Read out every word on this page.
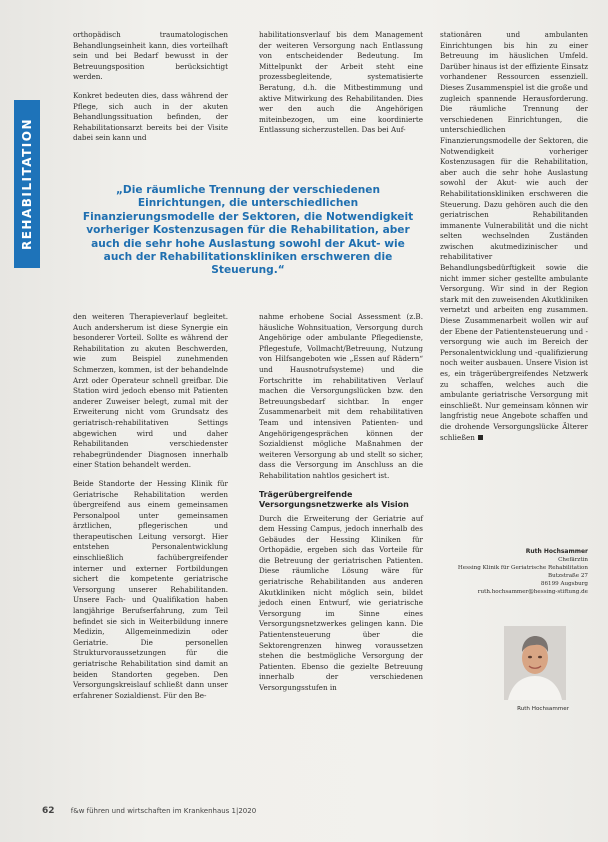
REHABILITATION

orthopädisch traumatologischen Behandlungseinheit kann, dies vorteilhaft sein und bei Bedarf bewusst in der Betreuungsposition berücksichtigt werden.

Konkret bedeuten dies, dass während der Pflege, sich auch in der akuten Behandlungssituation befinden, der Rehabilitationsarzt bereits bei der Visite dabei sein kann und

habilitationsverlauf bis dem Management der weiteren Versorgung nach Entlassung von entscheidender Bedeutung. Im Mittelpunkt der Arbeit steht eine prozessbegleitende, systematisierte Beratung, d.h. die Mitbestimmung und aktive Mitwirkung des Rehabilitanden. Dies wer den auch die Angehörigen miteinbezogen, um eine koordinierte Entlassung sicherzustellen. Das bei Auf-

stationären und ambulanten Einrichtungen bis hin zu einer Betreuung im häuslichen Umfeld. Darüber hinaus ist der effiziente Einsatz vorhandener Ressourcen essenziell. Dieses Zusammenspiel ist die große und zugleich spannende Herausforderung. Die räumliche Trennung der verschiedenen Einrichtungen, die unterschiedlichen Finanzierungsmodelle der Sektoren, die Notwendigkeit vorheriger Kostenzusagen für die Rehabilitation, aber auch die sehr hohe Auslastung sowohl der Akut- wie auch der Rehabilitationskliniken erschweren die Steuerung. Dazu gehören auch die den geriatrischen Rehabilitanden immanente Vulnerabilität und die nicht selten wechselnden Zuständen zwischen akutmedizinischer und rehabilitativer Behandlungsbedürftigkeit sowie die nicht immer sicher gestellte ambulante Versorgung. Wir sind in der Region stark mit den zuweisenden Akutkliniken vernetzt und arbeiten eng zusammen. Diese Zusammenarbeit wollen wir auf der Ebene der Patientensteuerung und -versorgung wie auch im Bereich der Personalentwicklung und -qualifizierung noch weiter ausbauen. Unsere Vision ist es, ein trägerübergreifendes Netzwerk zu schaffen, welches auch die ambulante geriatrische Versorgung mit einschließt. Nur gemeinsam können wir langfristig neue Angebote schaffen und die drohende Versorgungslücke Älterer schließen

„Die räumliche Trennung der verschiedenen Einrichtungen, die unterschiedlichen Finanzierungsmodelle der Sektoren, die Notwendigkeit vorheriger Kostenzusagen für die Rehabilitation, aber auch die sehr hohe Auslastung sowohl der Akut- wie auch der Rehabilitationskliniken erschweren die Steuerung.“

den weiteren Therapieverlauf begleitet. Auch andersherum ist diese Synergie ein besonderer Vorteil. Sollte es während der Rehabilitation zu akuten Beschwerden, wie zum Beispiel zunehmenden Schmerzen, kommen, ist der behandelnde Arzt oder Operateur schnell greifbar. Die Station wird jedoch ebenso mit Patienten anderer Zuweiser belegt, zumal mit der Erweiterung nicht vom Grundsatz des geriatrisch-rehabilitativen Settings abgewichen wird und daher Rehabilitanden verschiedenster rehabegründender Diagnosen innerhalb einer Station behandelt werden.

Beide Standorte der Hessing Klinik für Geriatrische Rehabilitation werden übergreifend aus einem gemeinsamen Personalpool unter gemeinsamen ärztlichen, pflegerischen und therapeutischen Leitung versorgt. Hier entstehen Personalentwicklung einschließlich fachübergreifender interner und externer Fortbildungen sichert die kompetente geriatrische Versorgung unserer Rehabilitanden. Unsere Fach- und Qualifikation haben langjährige Berufserfahrung, zum Teil befindet sie sich in Weiterbildung innere Medizin, Allgemeinmedizin oder Geriatrie. Die personellen Strukturvoraussetzungen für die geriatrische Rehabilitation sind damit an beiden Standorten gegeben. Den Versorgungskreislauf schließt dann unser erfahrener Sozialdienst. Für den Be-

nahme erhobene Social Assessment (z.B. häusliche Wohnsituation, Versorgung durch Angehörige oder ambulante Pflegedienste, Pflegestufe, Vollmacht/Betreuung, Nutzung von Hilfsangeboten wie „Essen auf Rädern“ und Hausnotrufsysteme) und die Fortschritte im rehabilitativen Verlauf machen die Versorgungslücken bzw. den Betreuungsbedarf sichtbar. In enger Zusammenarbeit mit dem rehabilitativen Team und intensiven Patienten- und Angehörigengesprächen können der Sozialdienst mögliche Maßnahmen der weiteren Versorgung ab und stellt so sicher, dass die Versorgung im Anschluss an die Rehabilitation nahtlos gesichert ist.

Trägerübergreifende Versorgungsnetzwerke als Vision

Durch die Erweiterung der Geriatrie auf dem Hessing Campus, jedoch innerhalb des Gebäudes der Hessing Kliniken für Orthopädie, ergeben sich das Vorteile für die Betreuung der geriatrischen Patienten. Diese räumliche Lösung wäre für geriatrische Rehabilitanden aus anderen Akutkliniken nicht möglich sein, bildet jedoch einen Entwurf, wie geriatrische Versorgung im Sinne eines Versorgungsnetzwerkes gelingen kann. Die Patientensteuerung über die Sektorengrenzen hinweg voraussetzen stehen die bestmögliche Versorgung der Patienten. Ebenso die gezielte Betreuung innerhalb der verschiedenen Versorgungsstufen in

Ruth Hochsammer
Chefärztin
Hessing Klinik für Geriatrische Rehabilitation
Butzstraße 27
86199 Augsburg
ruth.hochsammer@hessing-stiftung.de
Ruth Hochsammer
62 f&w führen und wirtschaften im Krankenhaus 1|2020
